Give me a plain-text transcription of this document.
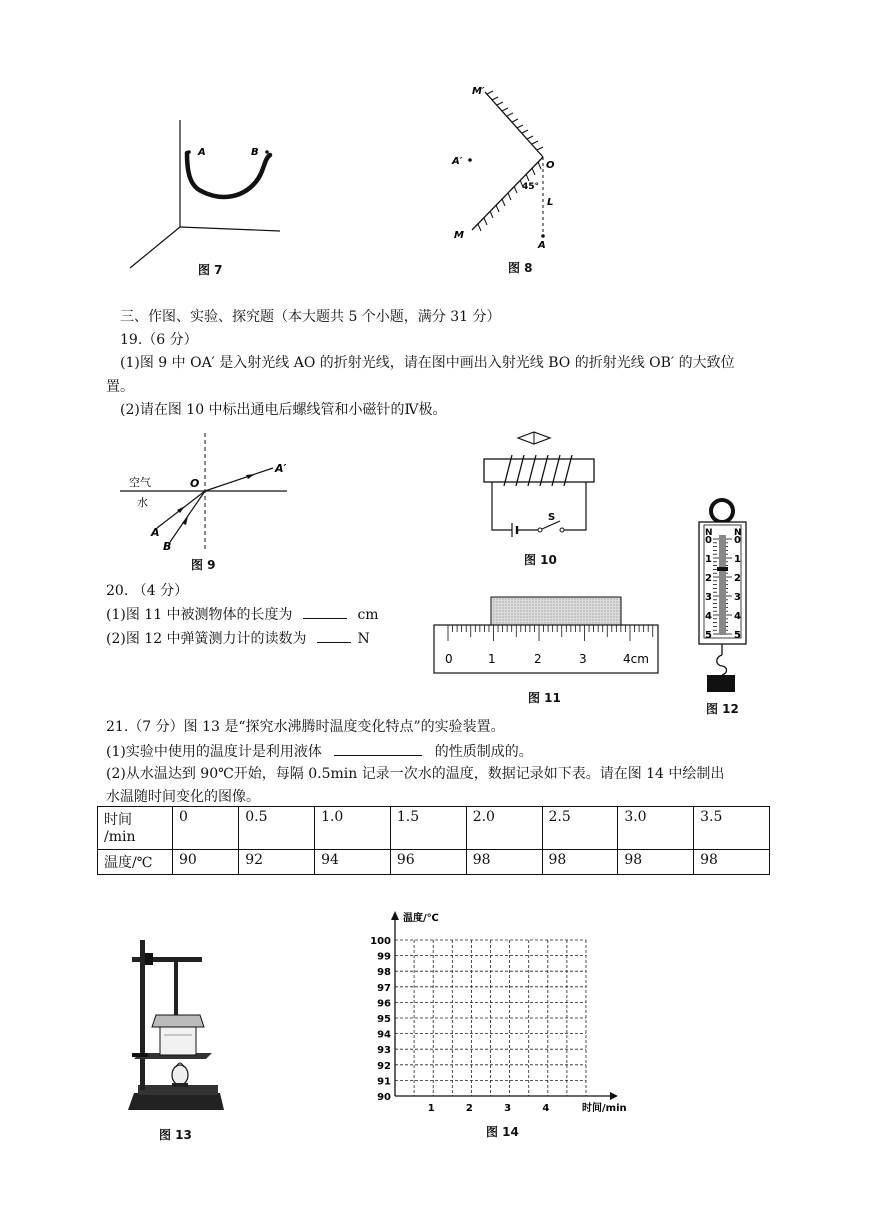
A	B
图 7
M′
M
A′	O
L
A
45°
图 8
三、作图、实验、探究题（本大题共 5 个小题，满分 31 分）
19.（6 分）
(1)图 9 中 OA′ 是入射光线 AO 的折射光线，请在图中画出入射光线 BO 的折射光线 OB′ 的大致位
置。
(2)请在图 10 中标出通电后螺线管和小磁针的Ⅳ极。
空气
水
O
A′
A
B
图 9
S
图 10
20. （4 分）
(1)图 11 中被测物体的长度为	cm
(2)图 12 中弹簧测力计的读数为	N
0	1	2	3	4cm
图 11
0
1
2
3
4
5
0
1
2
3
4
5
N N
图 12
21.（7 分）图 13 是“探究水沸腾时温度变化特点”的实验装置。
(1)实验中使用的温度计是利用液体	的性质制成的。
(2)从水温达到 90℃开始，每隔 0.5min 记录一次水的温度，数据记录如下表。请在图 14 中绘制出
水温随时间变化的图像。
时间
/min	0	0.5	1.0	1.5	2.0	2.5	3.0	3.5
温度/℃	90	92	94	96	98	98	98	98
图 13
温度/℃
时间/min
100
99
98
97
96
95
94
93
92
91
90
1	2	3	4
图 14
